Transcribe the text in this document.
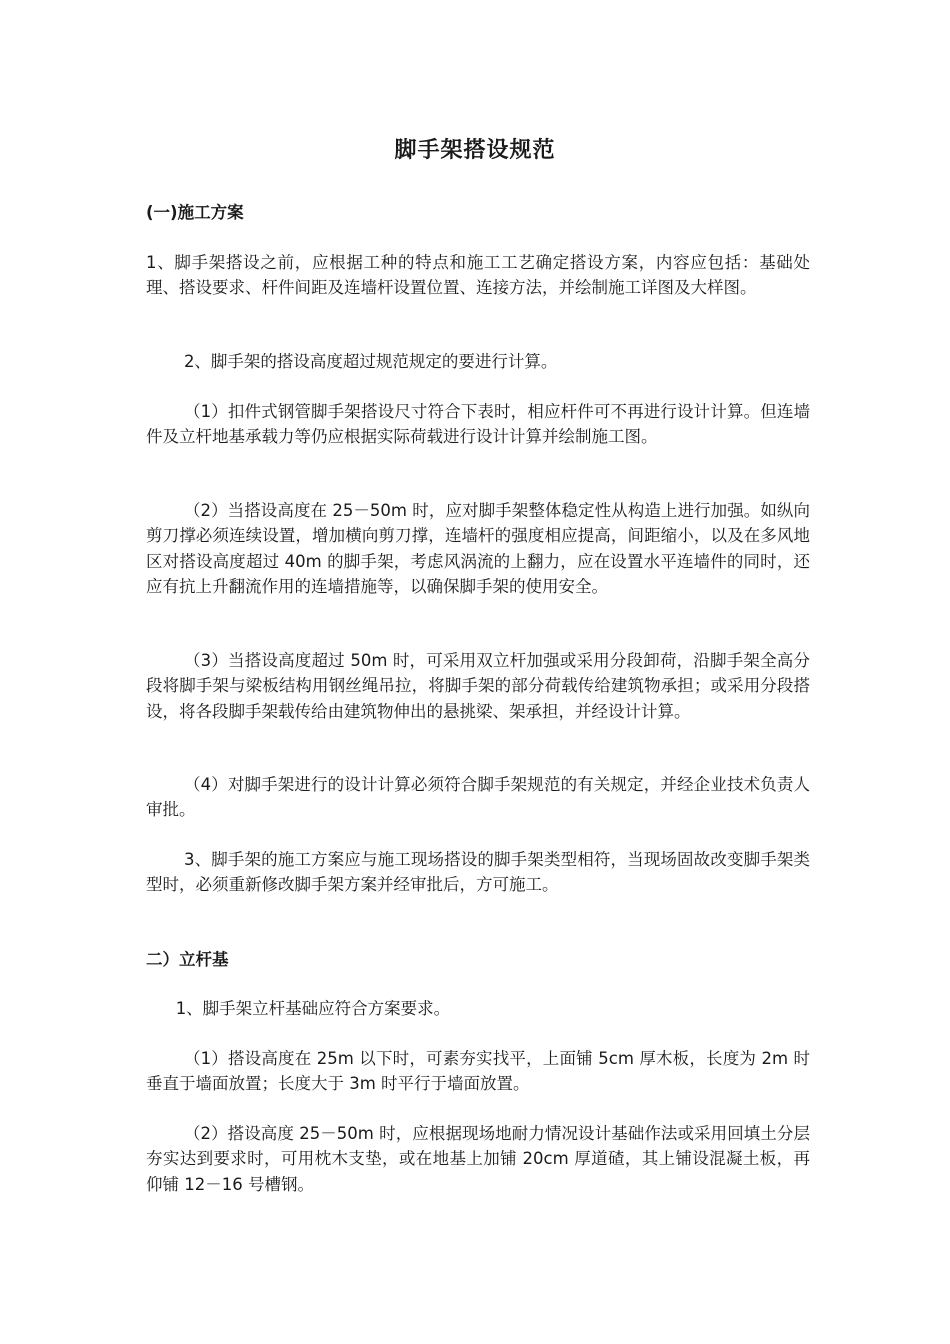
脚手架搭设规范
(一)施工方案

1、脚手架搭设之前，应根据工种的特点和施工工艺确定搭设方案，内容应包括：基础处理、搭设要求、杆件间距及连墙杆设置位置、连接方法，并绘制施工详图及大样图。

2、脚手架的搭设高度超过规范规定的要进行计算。

（1）扣件式钢管脚手架搭设尺寸符合下表时，相应杆件可不再进行设计计算。但连墙件及立杆地基承载力等仍应根据实际荷载进行设计计算并绘制施工图。

（2）当搭设高度在 25－50m 时，应对脚手架整体稳定性从构造上进行加强。如纵向剪刀撑必须连续设置，增加横向剪刀撑，连墙杆的强度相应提高，间距缩小，以及在多风地区对搭设高度超过 40m 的脚手架，考虑风涡流的上翻力，应在设置水平连墙件的同时，还应有抗上升翻流作用的连墙措施等，以确保脚手架的使用安全。

（3）当搭设高度超过 50m 时，可采用双立杆加强或采用分段卸荷，沿脚手架全高分段将脚手架与梁板结构用钢丝绳吊拉，将脚手架的部分荷载传给建筑物承担；或采用分段搭设，将各段脚手架载传给由建筑物伸出的悬挑梁、架承担，并经设计计算。

（4）对脚手架进行的设计计算必须符合脚手架规范的有关规定，并经企业技术负责人审批。

3、脚手架的施工方案应与施工现场搭设的脚手架类型相符，当现场固故改变脚手架类型时，必须重新修改脚手架方案并经审批后，方可施工。

二）立杆基

1、脚手架立杆基础应符合方案要求。

（1）搭设高度在 25m 以下时，可素夯实找平，上面铺 5cm 厚木板，长度为 2m 时垂直于墙面放置；长度大于 3m 时平行于墙面放置。

（2）搭设高度 25－50m 时，应根据现场地耐力情况设计基础作法或采用回填土分层夯实达到要求时，可用枕木支垫，或在地基上加铺 20cm 厚道碴，其上铺设混凝土板，再仰铺 12－16 号槽钢。
